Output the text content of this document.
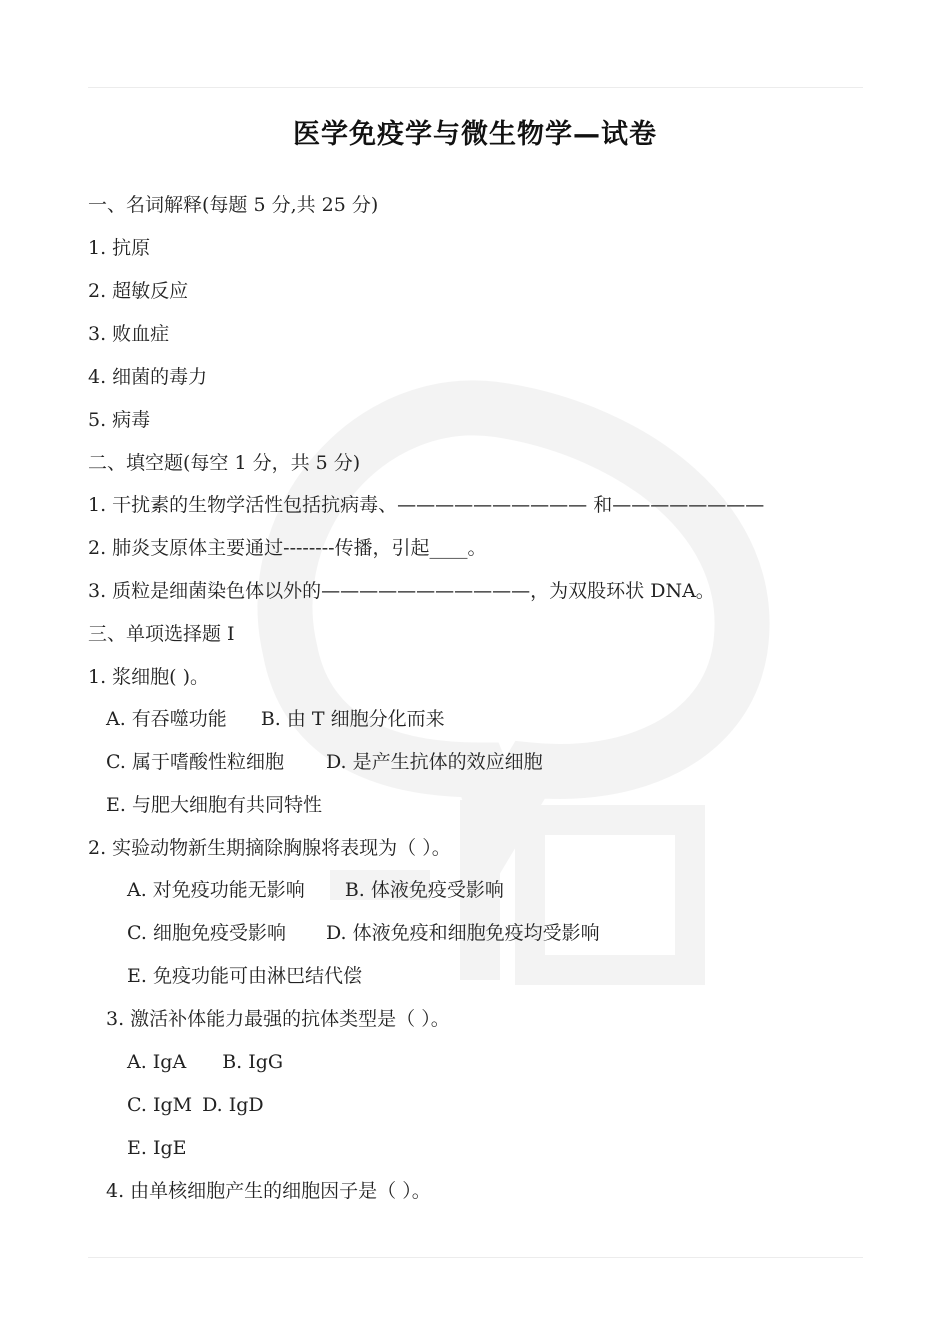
医学免疫学与微生物学—试卷
一、名词解释(每题 5 分,共 25 分)
1. 抗原
2. 超敏反应
3. 败血症
4. 细菌的毒力
5. 病毒
二、填空题(每空 1 分，共 5 分)
1. 干扰素的生物学活性包括抗病毒、—————————— 和————————
2. 肺炎支原体主要通过--------传播，引起____。
3. 质粒是细菌染色体以外的———————————，为双股环状 DNA。
三、单项选择题 I
1. 浆细胞( )。
A. 有吞噬功能 B. 由 T 细胞分化而来
C. 属于嗜酸性粒细胞 D. 是产生抗体的效应细胞
E. 与肥大细胞有共同特性
2. 实验动物新生期摘除胸腺将表现为（ ）。
A. 对免疫功能无影响 B. 体液免疫受影响
C. 细胞免疫受影响 D. 体液免疫和细胞免疫均受影响
E. 免疫功能可由淋巴结代偿
3. 激活补体能力最强的抗体类型是（ ）。
A. IgA B. IgG
C. IgM D. IgD
E. IgE
4. 由单核细胞产生的细胞因子是（ ）。
